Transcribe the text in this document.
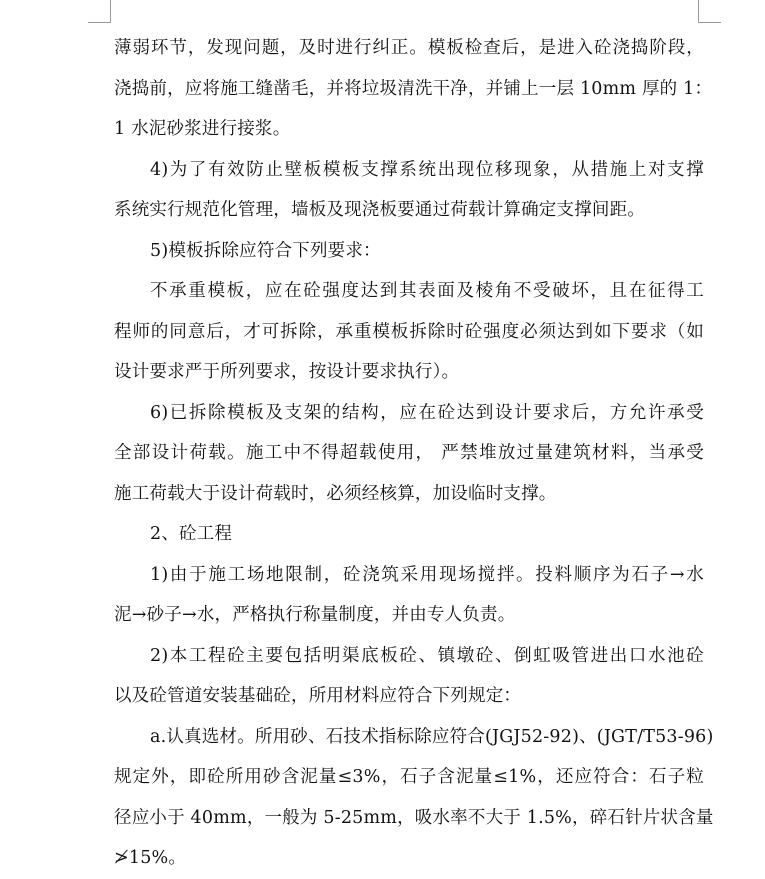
薄弱环节，发现问题，及时进行纠正。模板检查后，是进入砼浇捣阶段，
浇捣前，应将施工缝凿毛，并将垃圾清洗干净，并铺上一层 10mm 厚的 1：
1 水泥砂浆进行接浆。
4)为了有效防止壁板模板支撑系统出现位移现象，从措施上对支撑
系统实行规范化管理，墙板及现浇板要通过荷载计算确定支撑间距。
5)模板拆除应符合下列要求：
不承重模板，应在砼强度达到其表面及棱角不受破坏，且在征得工
程师的同意后，才可拆除，承重模板拆除时砼强度必须达到如下要求（如
设计要求严于所列要求，按设计要求执行）。
6)已拆除模板及支架的结构，应在砼达到设计要求后，方允许承受
全部设计荷载。施工中不得超载使用， 严禁堆放过量建筑材料，当承受
施工荷载大于设计荷载时，必须经核算，加设临时支撑。
2、砼工程
1)由于施工场地限制，砼浇筑采用现场搅拌。投料顺序为石子→水
泥→砂子→水，严格执行称量制度，并由专人负责。
2)本工程砼主要包括明渠底板砼、镇墩砼、倒虹吸管进出口水池砼
以及砼管道安装基础砼，所用材料应符合下列规定：
a.认真选材。所用砂、石技术指标除应符合(JGJ52-92)、(JGT/T53-96)
规定外，即砼所用砂含泥量≤3%，石子含泥量≤1%，还应符合：石子粒
径应小于 40mm，一般为 5-25mm，吸水率不大于 1.5%，碎石针片状含量
≯15%。
